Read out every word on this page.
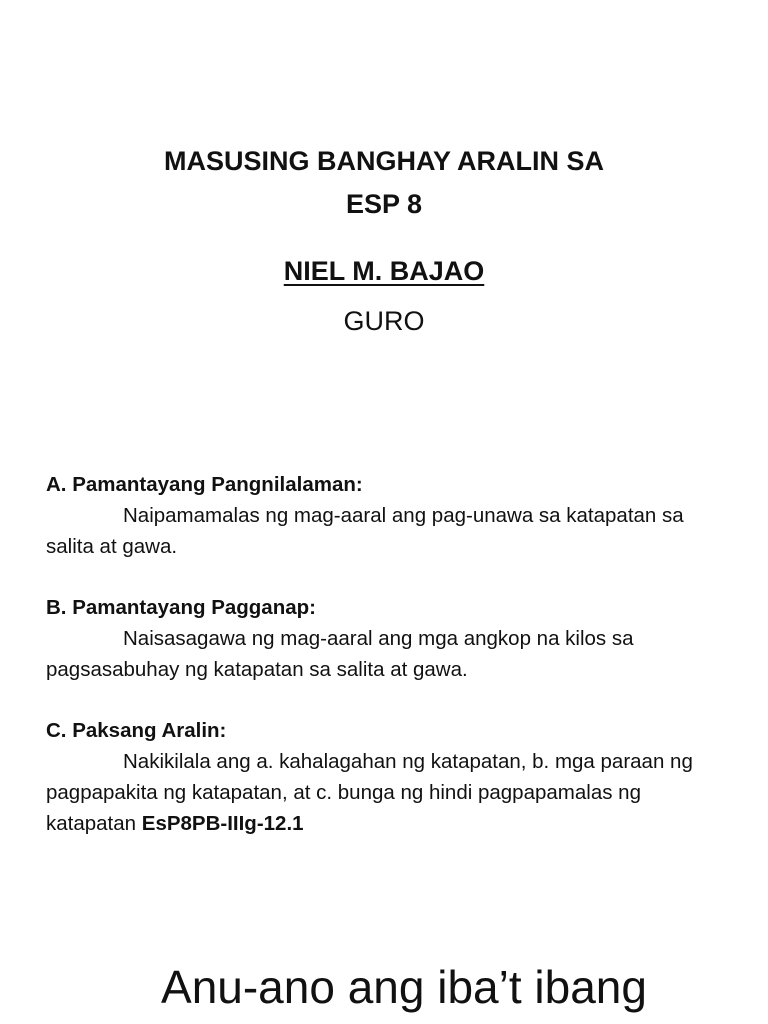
MASUSING BANGHAY ARALIN SA
ESP 8
NIEL M. BAJAO
GURO
A. Pamantayang Pangnilalaman:
Naipamamalas ng mag-aaral ang pag-unawa sa katapatan sa salita at gawa.
B. Pamantayang Pagganap:
Naisasagawa ng mag-aaral ang mga angkop na kilos sa pagsasabuhay ng katapatan sa salita at gawa.
C. Paksang Aralin:
Nakikilala ang a. kahalagahan ng katapatan, b. mga paraan ng pagpapakita ng katapatan, at c. bunga ng hindi pagpapamalas ng katapatan EsP8PB-IIIg-12.1
Anu-ano ang iba’t ibang
